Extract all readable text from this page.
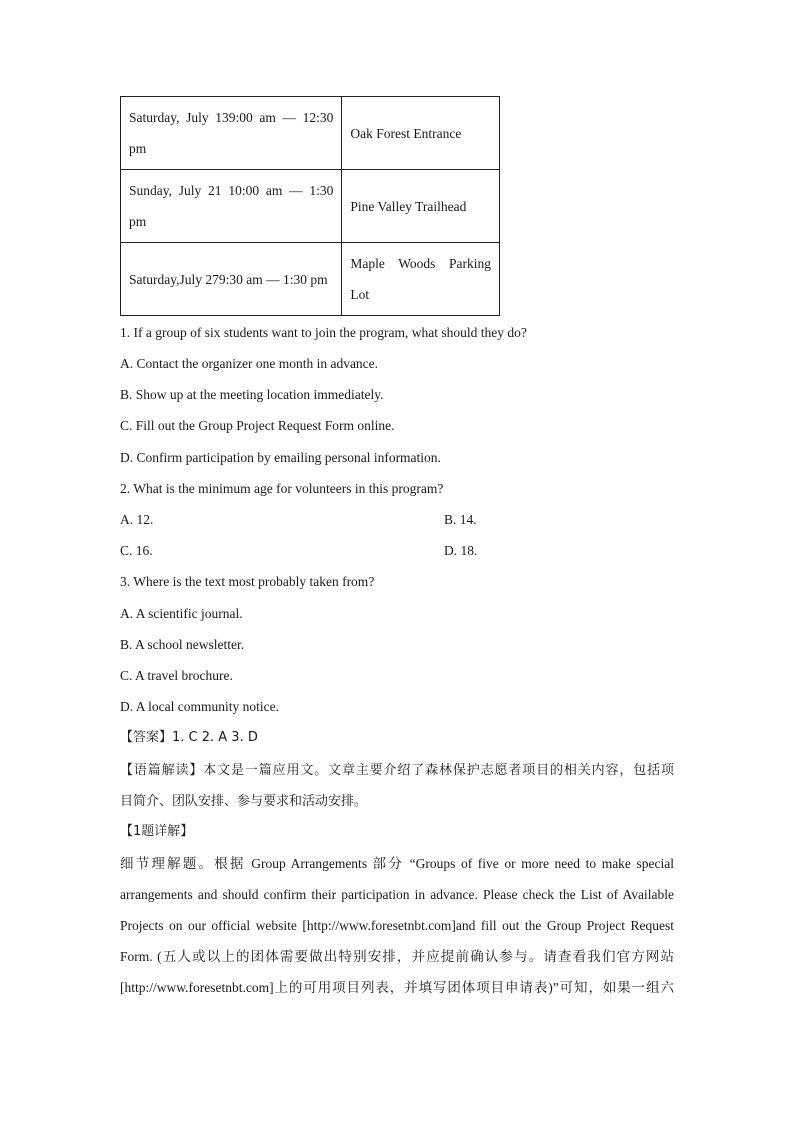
Saturday, July 139:00 am — 12:30
pm	Oak Forest Entrance

Sunday, July 21 10:00 am — 1:30
pm	Pine Valley Trailhead
Saturday,July 279:30 am — 1:30 pm	Maple Woods Parking
Lot
1. If a group of six students want to join the program, what should they do?
A. Contact the organizer one month in advance.
B. Show up at the meeting location immediately.
C. Fill out the Group Project Request Form online.
D. Confirm participation by emailing personal information.
2. What is the minimum age for volunteers in this program?
A. 12.	B. 14.
C. 16.	D. 18.
3. Where is the text most probably taken from?
A. A scientific journal.
B. A school newsletter.
C. A travel brochure.
D. A local community notice.
【答案】1. C 2. A 3. D
【语篇解读】本文是一篇应用文。文章主要介绍了森林保护志愿者项目的相关内容，包括项
目简介、团队安排、参与要求和活动安排。
【1题详解】
细节理解题。根据 Group Arrangements 部分 “Groups of five or more need to make special
arrangements and should confirm their participation in advance. Please check the List of Available
Projects on our official website [http://www.foresetnbt.com]and fill out the Group Project Request
Form. (五人或以上的团体需要做出特别安排，并应提前确认参与。请查看我们官方网站
[http://www.foresetnbt.com]上的可用项目列表，并填写团体项目申请表)”可知，如果一组六
